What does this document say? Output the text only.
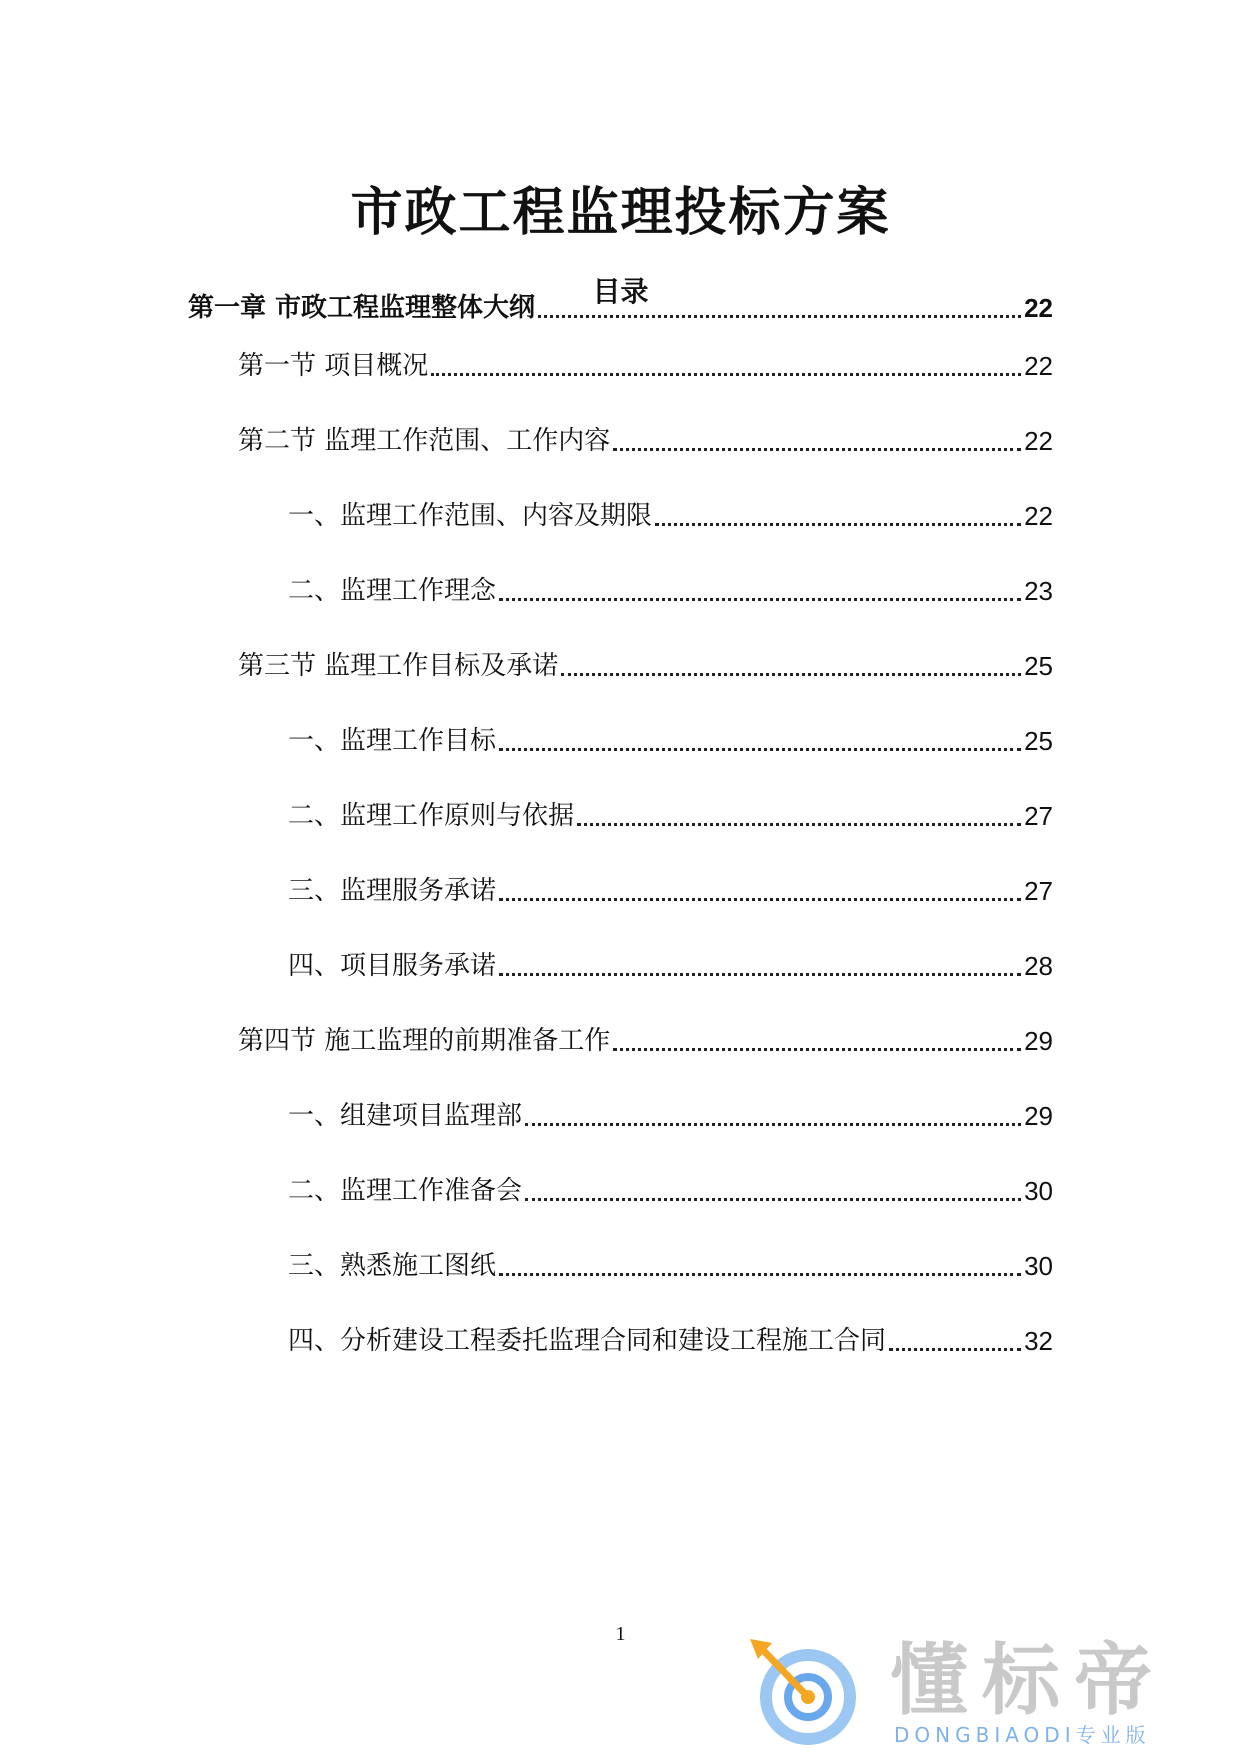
市政工程监理投标方案
目录
第一章 市政工程监理整体大纲	22
第一节 项目概况	22
第二节 监理工作范围、工作内容	22
一、监理工作范围、内容及期限	22
二、监理工作理念	23
第三节 监理工作目标及承诺	25
一、监理工作目标	25
二、监理工作原则与依据	27
三、监理服务承诺	27
四、项目服务承诺	28
第四节 施工监理的前期准备工作	29
一、组建项目监理部	29
二、监理工作准备会	30
三、熟悉施工图纸	30
四、分析建设工程委托监理合同和建设工程施工合同	32
1
懂标帝
DONGBIAODI专业版
